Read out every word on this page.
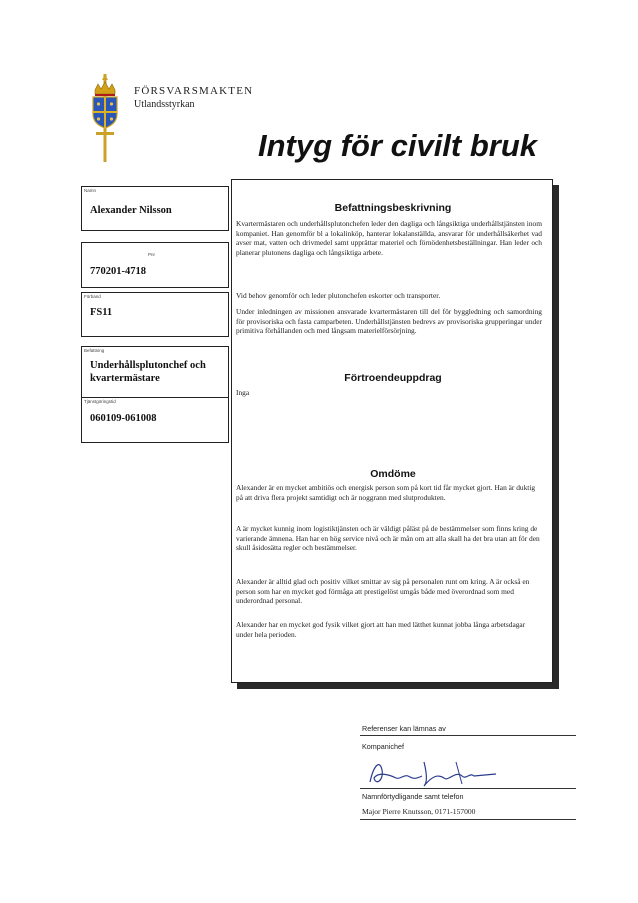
FÖRSVARSMAKTEN
Utlandsstyrkan
Intyg för civilt bruk
Namn
Alexander Nilsson
Pnr
770201-4718
Förband
FS11
Befattning
Underhållsplutonchef och kvartermästare
Tjänstgöringstid
060109-061008
Befattningsbeskrivning

Kvartermästaren och underhållsplutonchefen leder den dagliga och långsiktiga underhållstjänsten inom kompaniet. Han genomför bl a lokalinköp, hanterar lokalanställda, ansvarar för underhållsäkerhet vad avser mat, vatten och drivmedel samt upprättar materiel och förnödenhetsbeställningar. Han leder och planerar plutonens dagliga och långsiktiga arbete.

Vid behov genomför och leder plutonchefen eskorter och transporter.

Under inledningen av missionen ansvarade kvartermästaren till del för byggledning och samordning för provisoriska och fasta camparbeten. Underhållstjänsten bedrevs av provisoriska grupperingar under primitiva förhållanden och med långsam materielförsörjning.

Förtroendeuppdrag

Inga

Omdöme

Alexander är en mycket ambitiös och energisk person som på kort tid får mycket gjort. Han är duktig på att driva flera projekt samtidigt och är noggrann med slutprodukten.

A är mycket kunnig inom logistiktjänsten och är väldigt påläst på de bestämmelser som finns kring de varierande ämnena. Han har en hög service nivå och är mån om att alla skall ha det bra utan att för den skull åsidosätta regler och bestämmelser.

Alexander är alltid glad och positiv vilket smittar av sig på personalen runt om kring. A är också en person som har en mycket god förmåga att prestigelöst umgås både med överordnad som med underordnad personal.

Alexander har en mycket god fysik vilket gjort att han med lätthet kunnat jobba långa arbetsdagar under hela perioden.

Referenser kan lämnas av
Kompanichef
Namnförtydligande samt telefon
Major Pierre Knutsson, 0171-157000
